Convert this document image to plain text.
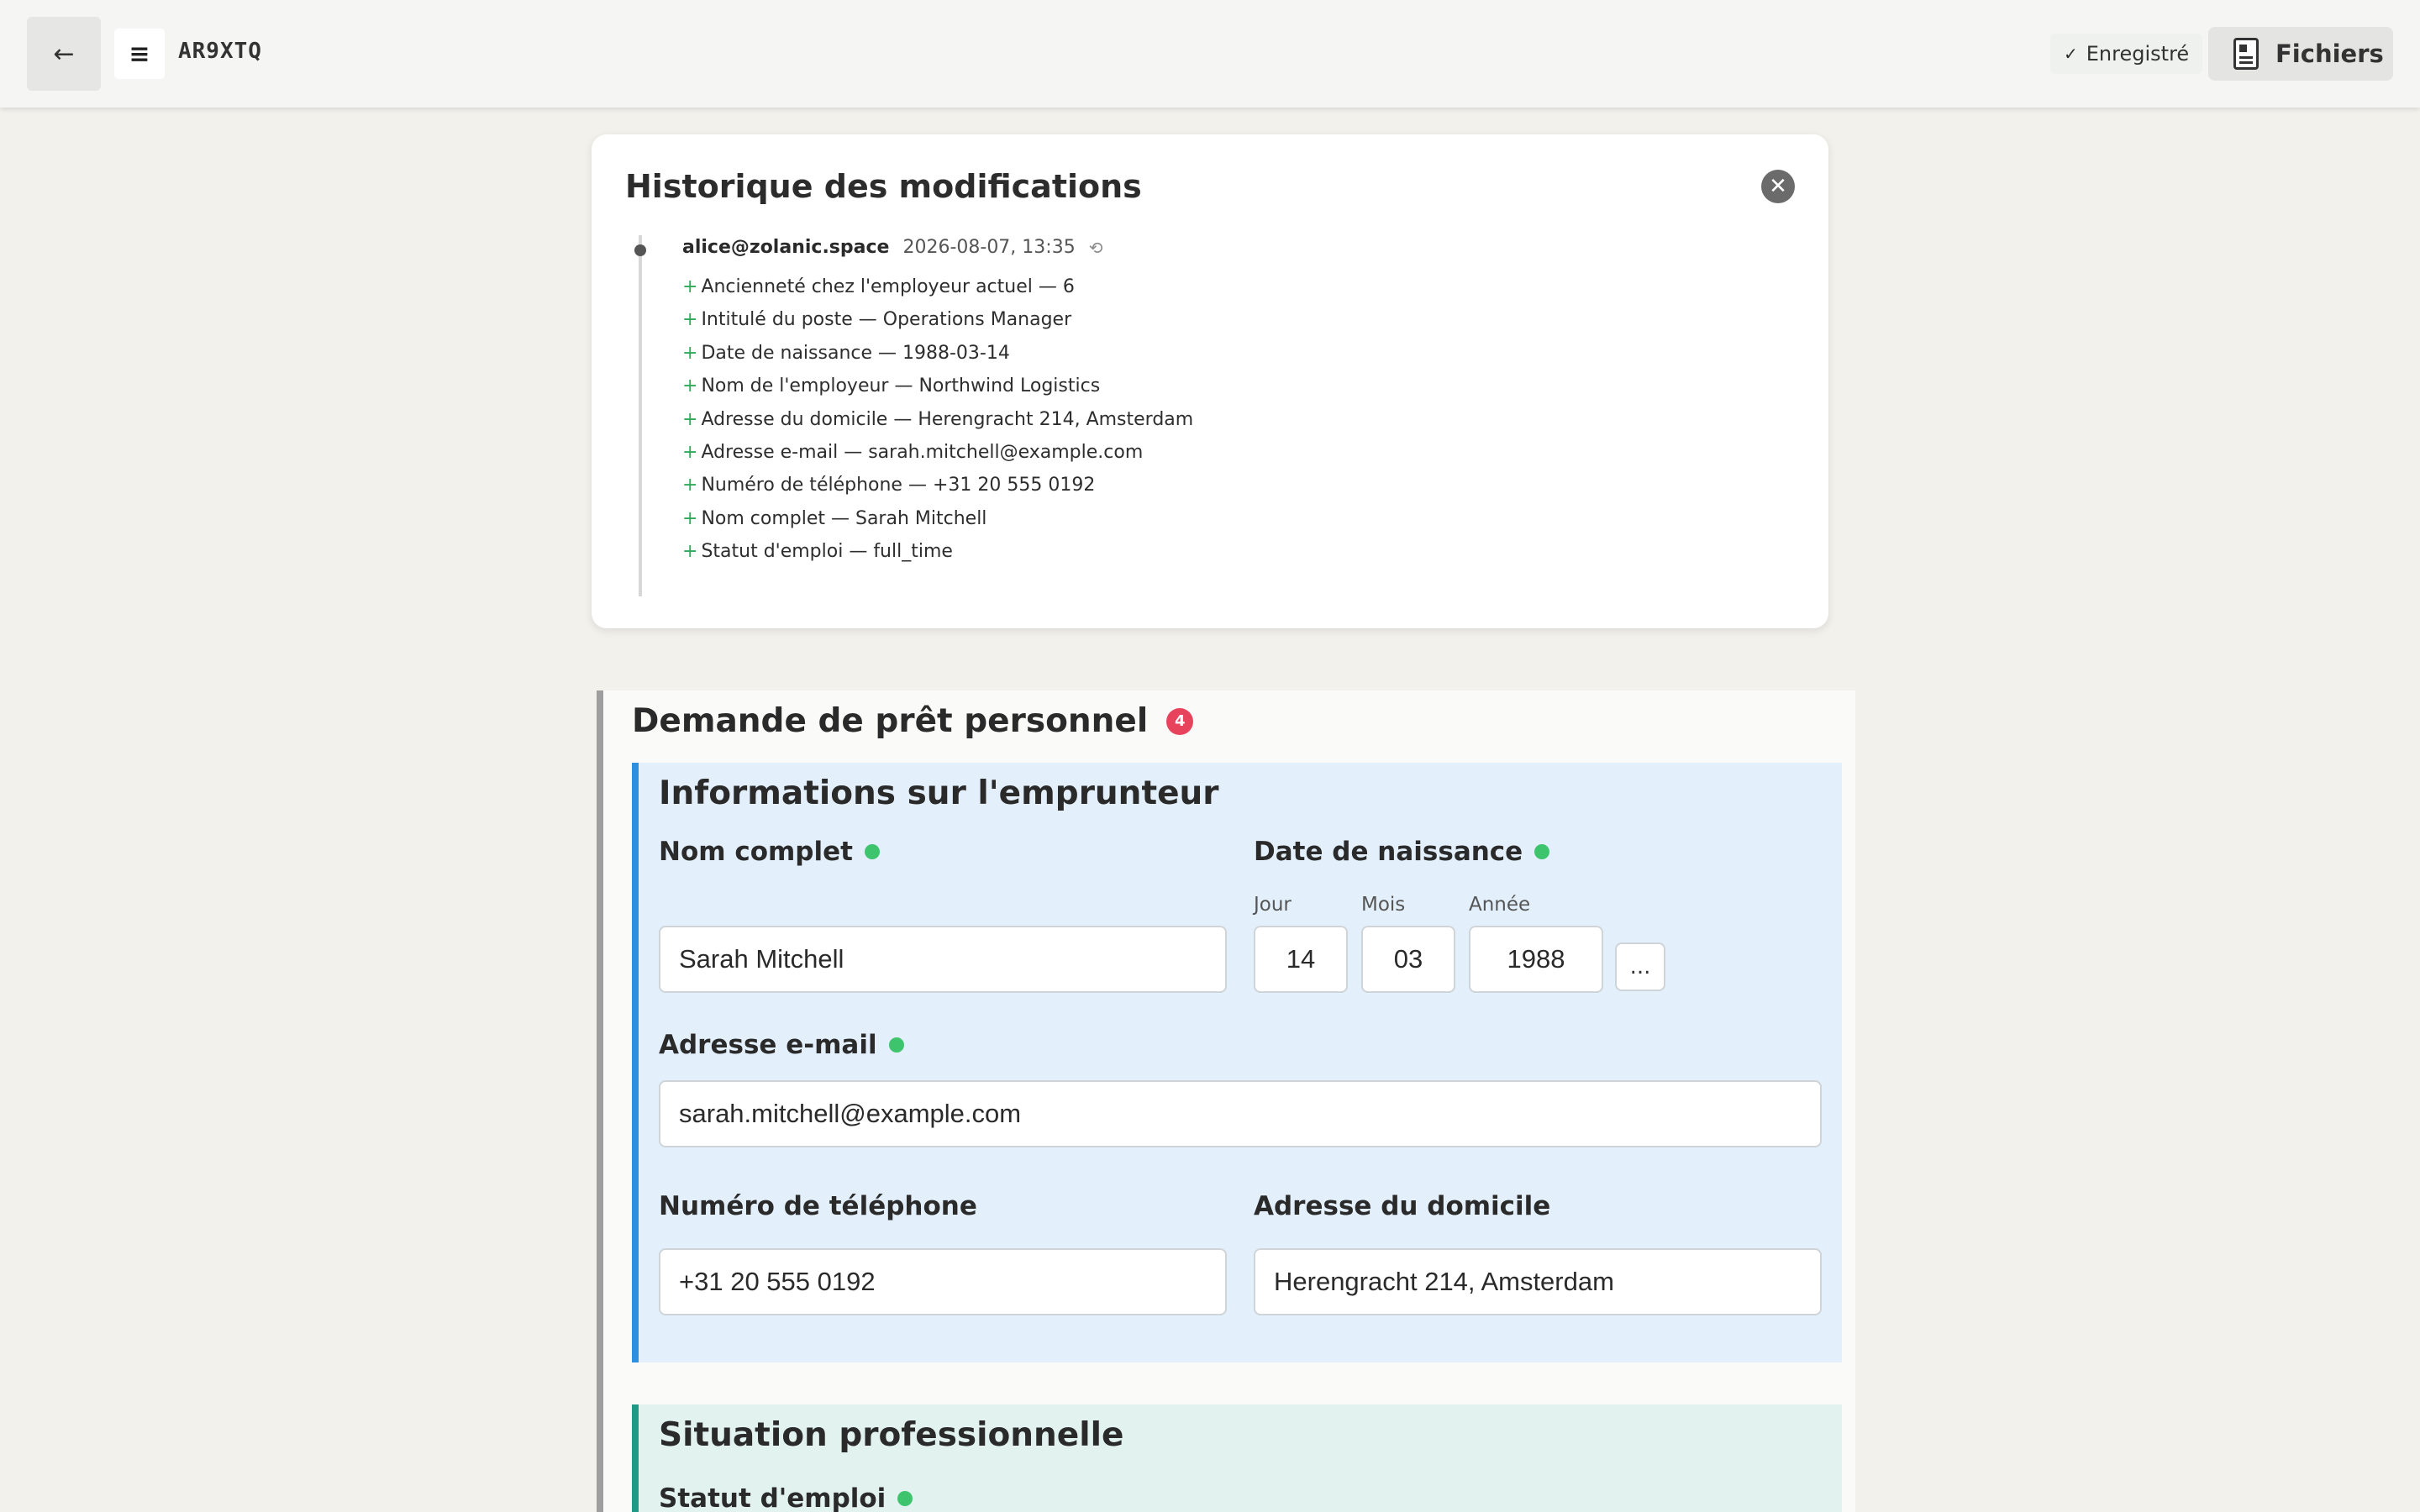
← ≡ AR9XTQ	✓ Enregistré	Fichiers
Historique des modifications	✕
alice@zolanic.space 2026-08-07, 13:35 ⟲
+ Ancienneté chez l'employeur actuel — 6
+ Intitulé du poste — Operations Manager
+ Date de naissance — 1988-03-14
+ Nom de l'employeur — Northwind Logistics
+ Adresse du domicile — Herengracht 214, Amsterdam
+ Adresse e-mail — sarah.mitchell@example.com
+ Numéro de téléphone — +31 20 555 0192
+ Nom complet — Sarah Mitchell
+ Statut d'emploi — full_time
Demande de prêt personnel	4
Informations sur l'emprunteur
Nom complet
Sarah Mitchell
Date de naissance
Jour	Mois	Année
14	03	1988	...
Adresse e-mail
sarah.mitchell@example.com
Numéro de téléphone
+31 20 555 0192
Adresse du domicile
Herengracht 214, Amsterdam
Situation professionnelle
Statut d'emploi
